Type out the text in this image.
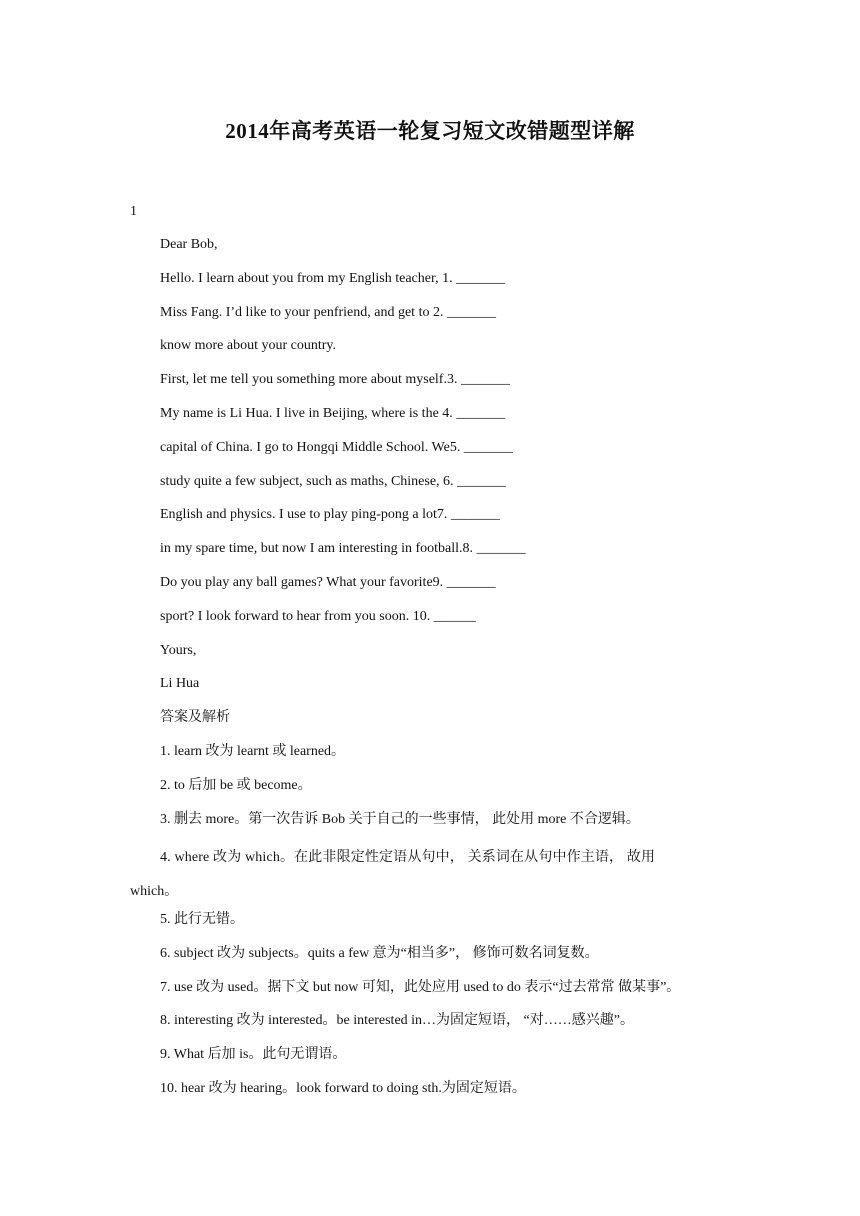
2014年高考英语一轮复习短文改错题型详解
1
Dear Bob,
Hello. I learn about you from my English teacher, 1. _______
Miss Fang. I’d like to your penfriend, and get to 2. _______
know more about your country.
First, let me tell you something more about myself.3. _______
My name is Li Hua. I live in Beijing, where is the 4. _______
capital of China. I go to Hongqi Middle School. We5. _______
study quite a few subject, such as maths, Chinese, 6. _______
English and physics. I use to play ping-pong a lot7. _______
in my spare time, but now I am interesting in football.8. _______
Do you play any ball games? What your favorite9. _______
sport? I look forward to hear from you soon. 10. ______
Yours,
Li Hua
答案及解析
1. learn 改为 learnt 或 learned。
2. to 后加 be 或 become。
3. 删去 more。第一次告诉 Bob 关于自己的一些事情， 此处用 more 不合逻辑。
4. where 改为 which。在此非限定性定语从句中， 关系词在从句中作主语， 故用
which。
5. 此行无错。
6. subject 改为 subjects。quits a few 意为“相当多”， 修饰可数名词复数。
7. use 改为 used。据下文 but now 可知，此处应用 used to do 表示“过去常常 做某事”。
8. interesting 改为 interested。be interested in…为固定短语， “对……感兴趣”。
9. What 后加 is。此句无谓语。
10. hear 改为 hearing。look forward to doing sth.为固定短语。
